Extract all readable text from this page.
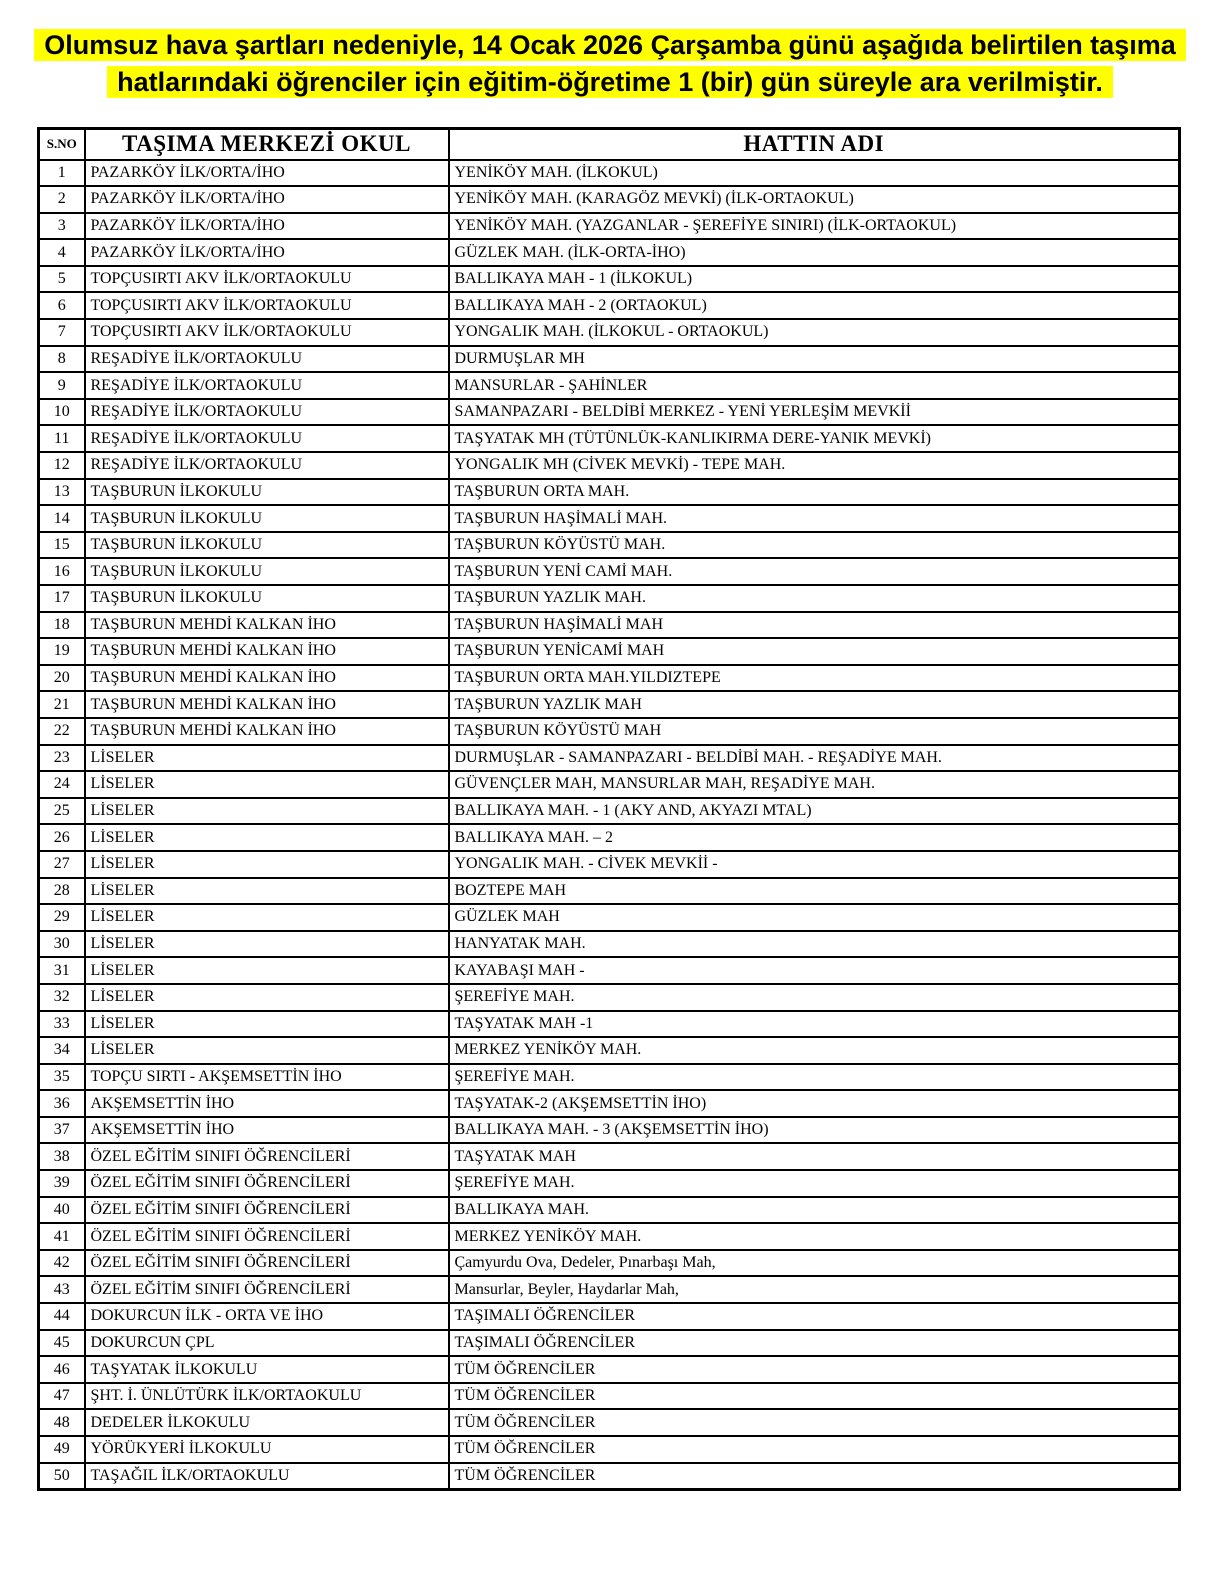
Olumsuz hava şartları nedeniyle, 14 Ocak 2026 Çarşamba günü aşağıda belirtilen taşıma
hatlarındaki öğrenciler için eğitim-öğretime 1 (bir) gün süreyle ara verilmiştir.
S.NO	TAŞIMA MERKEZİ OKUL	HATTIN ADI
1	PAZARKÖY İLK/ORTA/İHO	YENİKÖY MAH. (İLKOKUL)
2	PAZARKÖY İLK/ORTA/İHO	YENİKÖY MAH. (KARAGÖZ MEVKİ) (İLK-ORTAOKUL)
3	PAZARKÖY İLK/ORTA/İHO	YENİKÖY MAH. (YAZGANLAR - ŞEREFİYE SINIRI) (İLK-ORTAOKUL)
4	PAZARKÖY İLK/ORTA/İHO	GÜZLEK MAH. (İLK-ORTA-İHO)
5	TOPÇUSIRTI AKV İLK/ORTAOKULU	BALLIKAYA MAH - 1 (İLKOKUL)
6	TOPÇUSIRTI AKV İLK/ORTAOKULU	BALLIKAYA MAH - 2 (ORTAOKUL)
7	TOPÇUSIRTI AKV İLK/ORTAOKULU	YONGALIK MAH. (İLKOKUL - ORTAOKUL)
8	REŞADİYE İLK/ORTAOKULU	DURMUŞLAR MH
9	REŞADİYE İLK/ORTAOKULU	MANSURLAR - ŞAHİNLER
10	REŞADİYE İLK/ORTAOKULU	SAMANPAZARI - BELDİBİ MERKEZ - YENİ YERLEŞİM MEVKİİ
11	REŞADİYE İLK/ORTAOKULU	TAŞYATAK MH (TÜTÜNLÜK-KANLIKIRMA DERE-YANIK MEVKİ)
12	REŞADİYE İLK/ORTAOKULU	YONGALIK MH (CİVEK MEVKİ) - TEPE MAH.
13	TAŞBURUN İLKOKULU	TAŞBURUN ORTA MAH.
14	TAŞBURUN İLKOKULU	TAŞBURUN HAŞİMALİ MAH.
15	TAŞBURUN İLKOKULU	TAŞBURUN KÖYÜSTÜ MAH.
16	TAŞBURUN İLKOKULU	TAŞBURUN YENİ CAMİ MAH.
17	TAŞBURUN İLKOKULU	TAŞBURUN YAZLIK MAH.
18	TAŞBURUN MEHDİ KALKAN İHO	TAŞBURUN HAŞİMALİ MAH
19	TAŞBURUN MEHDİ KALKAN İHO	TAŞBURUN YENİCAMİ MAH
20	TAŞBURUN MEHDİ KALKAN İHO	TAŞBURUN ORTA MAH.YILDIZTEPE
21	TAŞBURUN MEHDİ KALKAN İHO	TAŞBURUN YAZLIK MAH
22	TAŞBURUN MEHDİ KALKAN İHO	TAŞBURUN KÖYÜSTÜ MAH
23	LİSELER	DURMUŞLAR - SAMANPAZARI - BELDİBİ MAH. - REŞADİYE MAH.
24	LİSELER	GÜVENÇLER MAH, MANSURLAR MAH, REŞADİYE MAH.
25	LİSELER	BALLIKAYA MAH. - 1 (AKY AND, AKYAZI MTAL)
26	LİSELER	BALLIKAYA MAH. – 2
27	LİSELER	YONGALIK MAH. - CİVEK MEVKİİ -
28	LİSELER	BOZTEPE MAH
29	LİSELER	GÜZLEK MAH
30	LİSELER	HANYATAK MAH.
31	LİSELER	KAYABAŞI MAH -
32	LİSELER	ŞEREFİYE MAH.
33	LİSELER	TAŞYATAK MAH -1
34	LİSELER	MERKEZ YENİKÖY MAH.
35	TOPÇU SIRTI - AKŞEMSETTİN İHO	ŞEREFİYE MAH.
36	AKŞEMSETTİN İHO	TAŞYATAK-2 (AKŞEMSETTİN İHO)
37	AKŞEMSETTİN İHO	BALLIKAYA MAH. - 3 (AKŞEMSETTİN İHO)
38	ÖZEL EĞİTİM SINIFI ÖĞRENCİLERİ	TAŞYATAK MAH
39	ÖZEL EĞİTİM SINIFI ÖĞRENCİLERİ	ŞEREFİYE MAH.
40	ÖZEL EĞİTİM SINIFI ÖĞRENCİLERİ	BALLIKAYA MAH.
41	ÖZEL EĞİTİM SINIFI ÖĞRENCİLERİ	MERKEZ YENİKÖY MAH.
42	ÖZEL EĞİTİM SINIFI ÖĞRENCİLERİ	Çamyurdu Ova, Dedeler, Pınarbaşı Mah,
43	ÖZEL EĞİTİM SINIFI ÖĞRENCİLERİ	Mansurlar, Beyler, Haydarlar Mah,
44	DOKURCUN İLK - ORTA VE İHO	TAŞIMALI ÖĞRENCİLER
45	DOKURCUN ÇPL	TAŞIMALI ÖĞRENCİLER
46	TAŞYATAK İLKOKULU	TÜM ÖĞRENCİLER
47	ŞHT. İ. ÜNLÜTÜRK İLK/ORTAOKULU	TÜM ÖĞRENCİLER
48	DEDELER İLKOKULU	TÜM ÖĞRENCİLER
49	YÖRÜKYERİ İLKOKULU	TÜM ÖĞRENCİLER
50	TAŞAĞIL İLK/ORTAOKULU	TÜM ÖĞRENCİLER
